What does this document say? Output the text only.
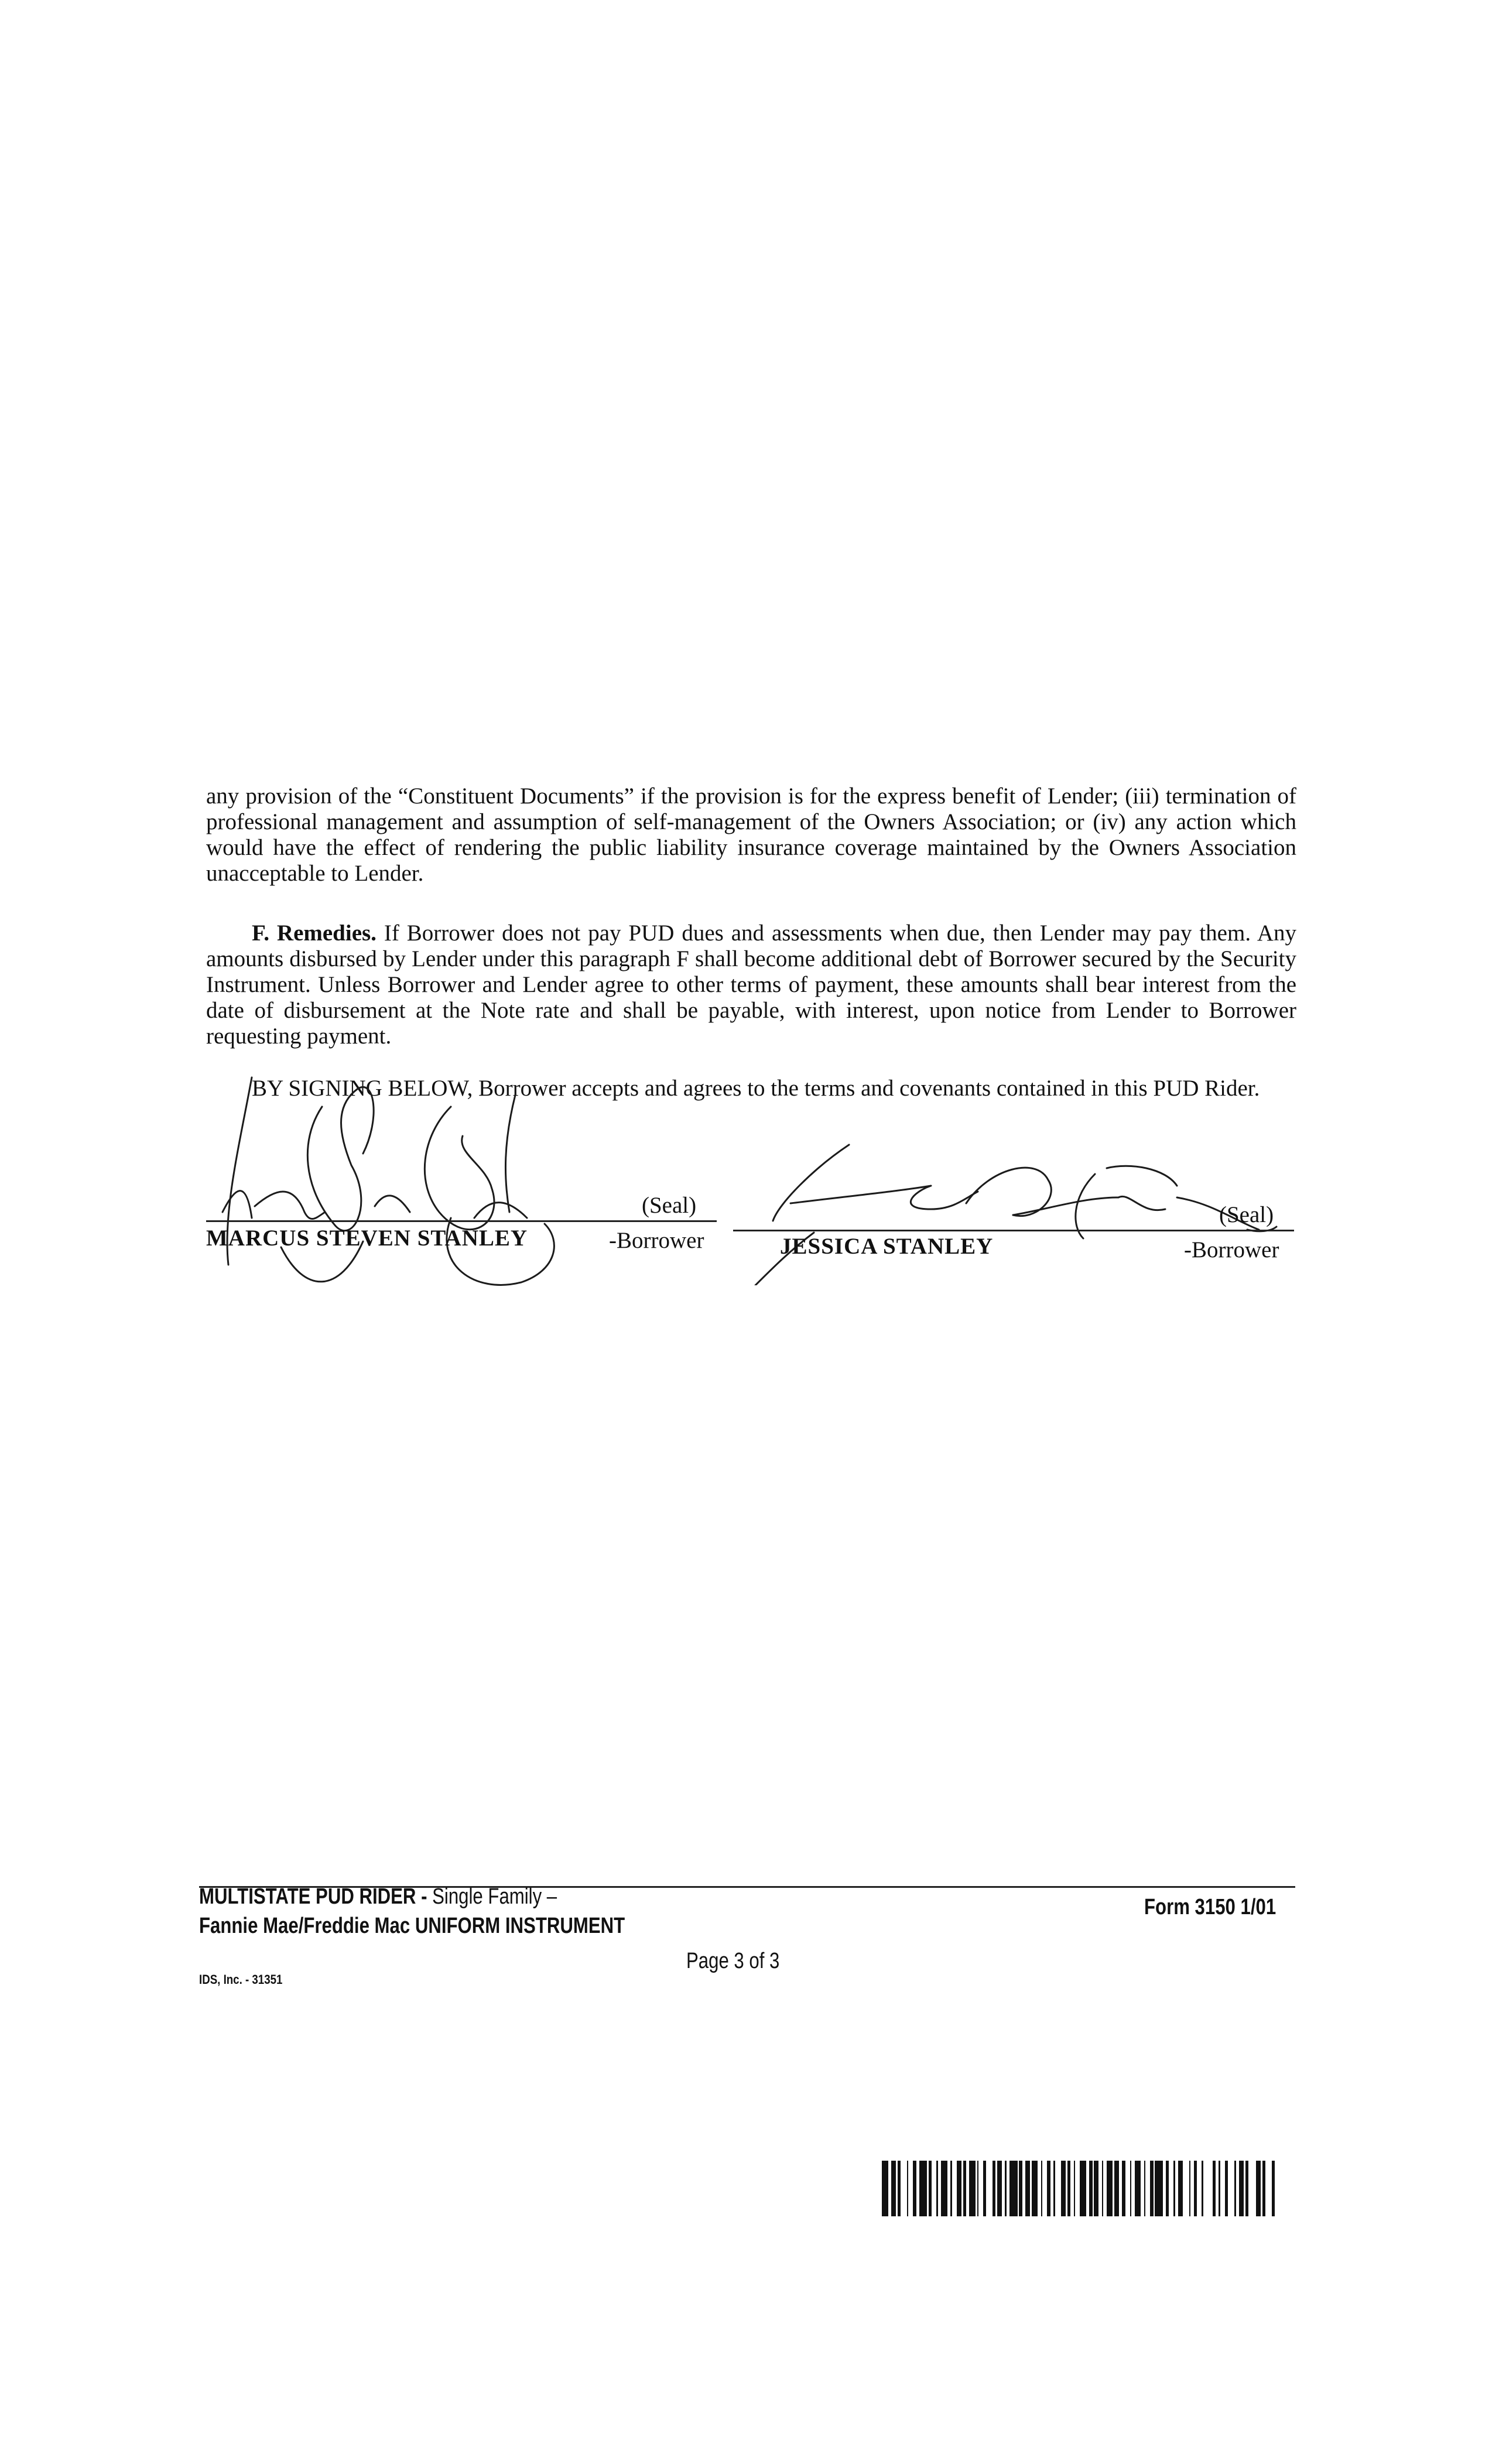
any provision of the “Constituent Documents” if the provision is for the express benefit of Lender; (iii) termination of professional management and assumption of self-management of the Owners Association; or (iv) any action which would have the effect of rendering the public liability insurance coverage maintained by the Owners Association unacceptable to Lender.

F. Remedies. If Borrower does not pay PUD dues and assessments when due, then Lender may pay them. Any amounts disbursed by Lender under this paragraph F shall become additional debt of Borrower secured by the Security Instrument. Unless Borrower and Lender agree to other terms of payment, these amounts shall bear interest from the date of disbursement at the Note rate and shall be payable, with interest, upon notice from Lender to Borrower requesting payment.

BY SIGNING BELOW, Borrower accepts and agrees to the terms and covenants contained in this PUD Rider.

(Seal)
MARCUS STEVEN STANLEY	-Borrower
(Seal)
JESSICA STANLEY	-Borrower
MULTISTATE PUD RIDER - Single Family –
Fannie Mae/Freddie Mac UNIFORM INSTRUMENT
Form 3150 1/01
Page 3 of 3
IDS, Inc. - 31351
